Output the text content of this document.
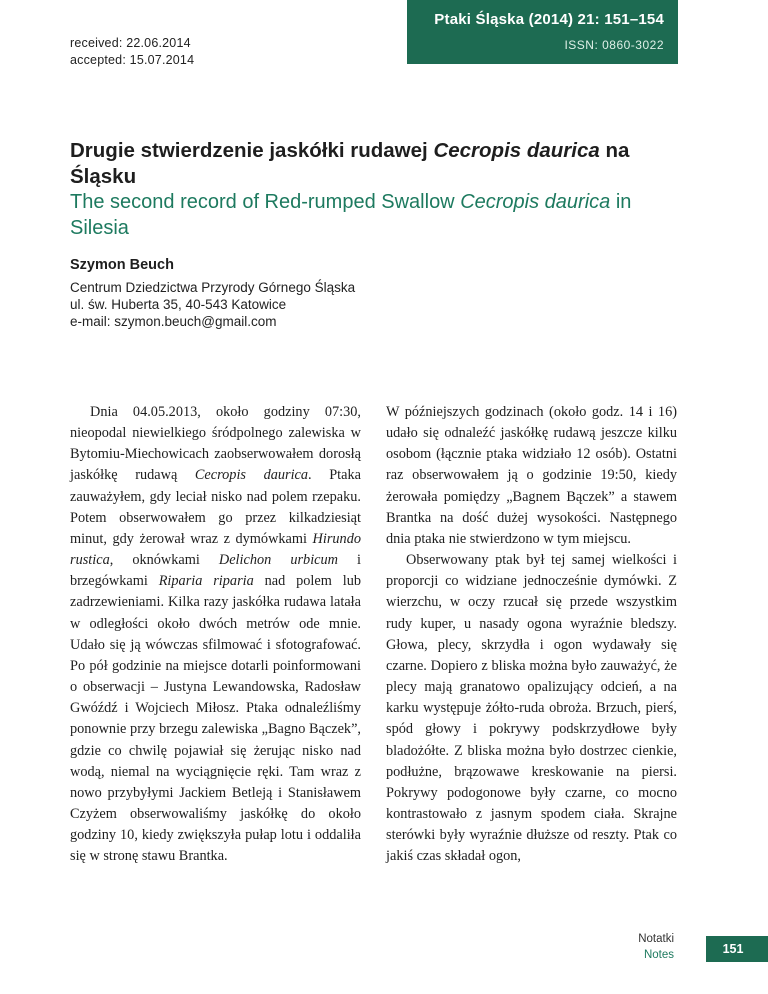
received: 22.06.2014
accepted: 15.07.2014
Ptaki Śląska (2014) 21: 151–154
ISSN: 0860-3022
Drugie stwierdzenie jaskółki rudawej Cecropis daurica na Śląsku
The second record of Red-rumped Swallow Cecropis daurica in Silesia
Szymon Beuch
Centrum Dziedzictwa Przyrody Górnego Śląska
ul. św. Huberta 35, 40-543 Katowice
e-mail: szymon.beuch@gmail.com

Dnia 04.05.2013, około godziny 07:30, nieopodal niewielkiego śródpolnego zalewiska w Bytomiu-Miechowicach zaobserwowałem dorosłą jaskółkę rudawą Cecropis daurica. Ptaka zauważyłem, gdy leciał nisko nad polem rzepaku. Potem obserwowałem go przez kilkadziesiąt minut, gdy żerował wraz z dymówkami Hirundo rustica, oknówkami Delichon urbicum i brzegówkami Riparia riparia nad polem lub zadrzewieniami. Kilka razy jaskółka rudawa latała w odległości około dwóch metrów ode mnie. Udało się ją wówczas sfilmować i sfotografować. Po pół godzinie na miejsce dotarli poinformowani o obserwacji – Justyna Lewandowska, Radosław Gwóźdź i Wojciech Miłosz. Ptaka odnaleźliśmy ponownie przy brzegu zalewiska „Bagno Bączek”, gdzie co chwilę pojawiał się żerując nisko nad wodą, niemal na wyciągnięcie ręki. Tam wraz z nowo przybyłymi Jackiem Betleją i Stanisławem Czyżem obserwowaliśmy jaskółkę do około godziny 10, kiedy zwiększyła pułap lotu i oddaliła się w stronę stawu Brantka.

W późniejszych godzinach (około godz. 14 i 16) udało się odnaleźć jaskółkę rudawą jeszcze kilku osobom (łącznie ptaka widziało 12 osób). Ostatni raz obserwowałem ją o godzinie 19:50, kiedy żerowała pomiędzy „Bagnem Bączek” a stawem Brantka na dość dużej wysokości. Następnego dnia ptaka nie stwierdzono w tym miejscu.

Obserwowany ptak był tej samej wielkości i proporcji co widziane jednocześnie dymówki. Z wierzchu, w oczy rzucał się przede wszystkim rudy kuper, u nasady ogona wyraźnie bledszy. Głowa, plecy, skrzydła i ogon wydawały się czarne. Dopiero z bliska można było zauważyć, że plecy mają granatowo opalizujący odcień, a na karku występuje żółto-ruda obroża. Brzuch, pierś, spód głowy i pokrywy podskrzydłowe były bladożółte. Z bliska można było dostrzec cienkie, podłużne, brązowawe kreskowanie na piersi. Pokrywy podogonowe były czarne, co mocno kontrastowało z jasnym spodem ciała. Skrajne sterówki były wyraźnie dłuższe od reszty. Ptak co jakiś czas składał ogon,

Notatki
Notes	151
